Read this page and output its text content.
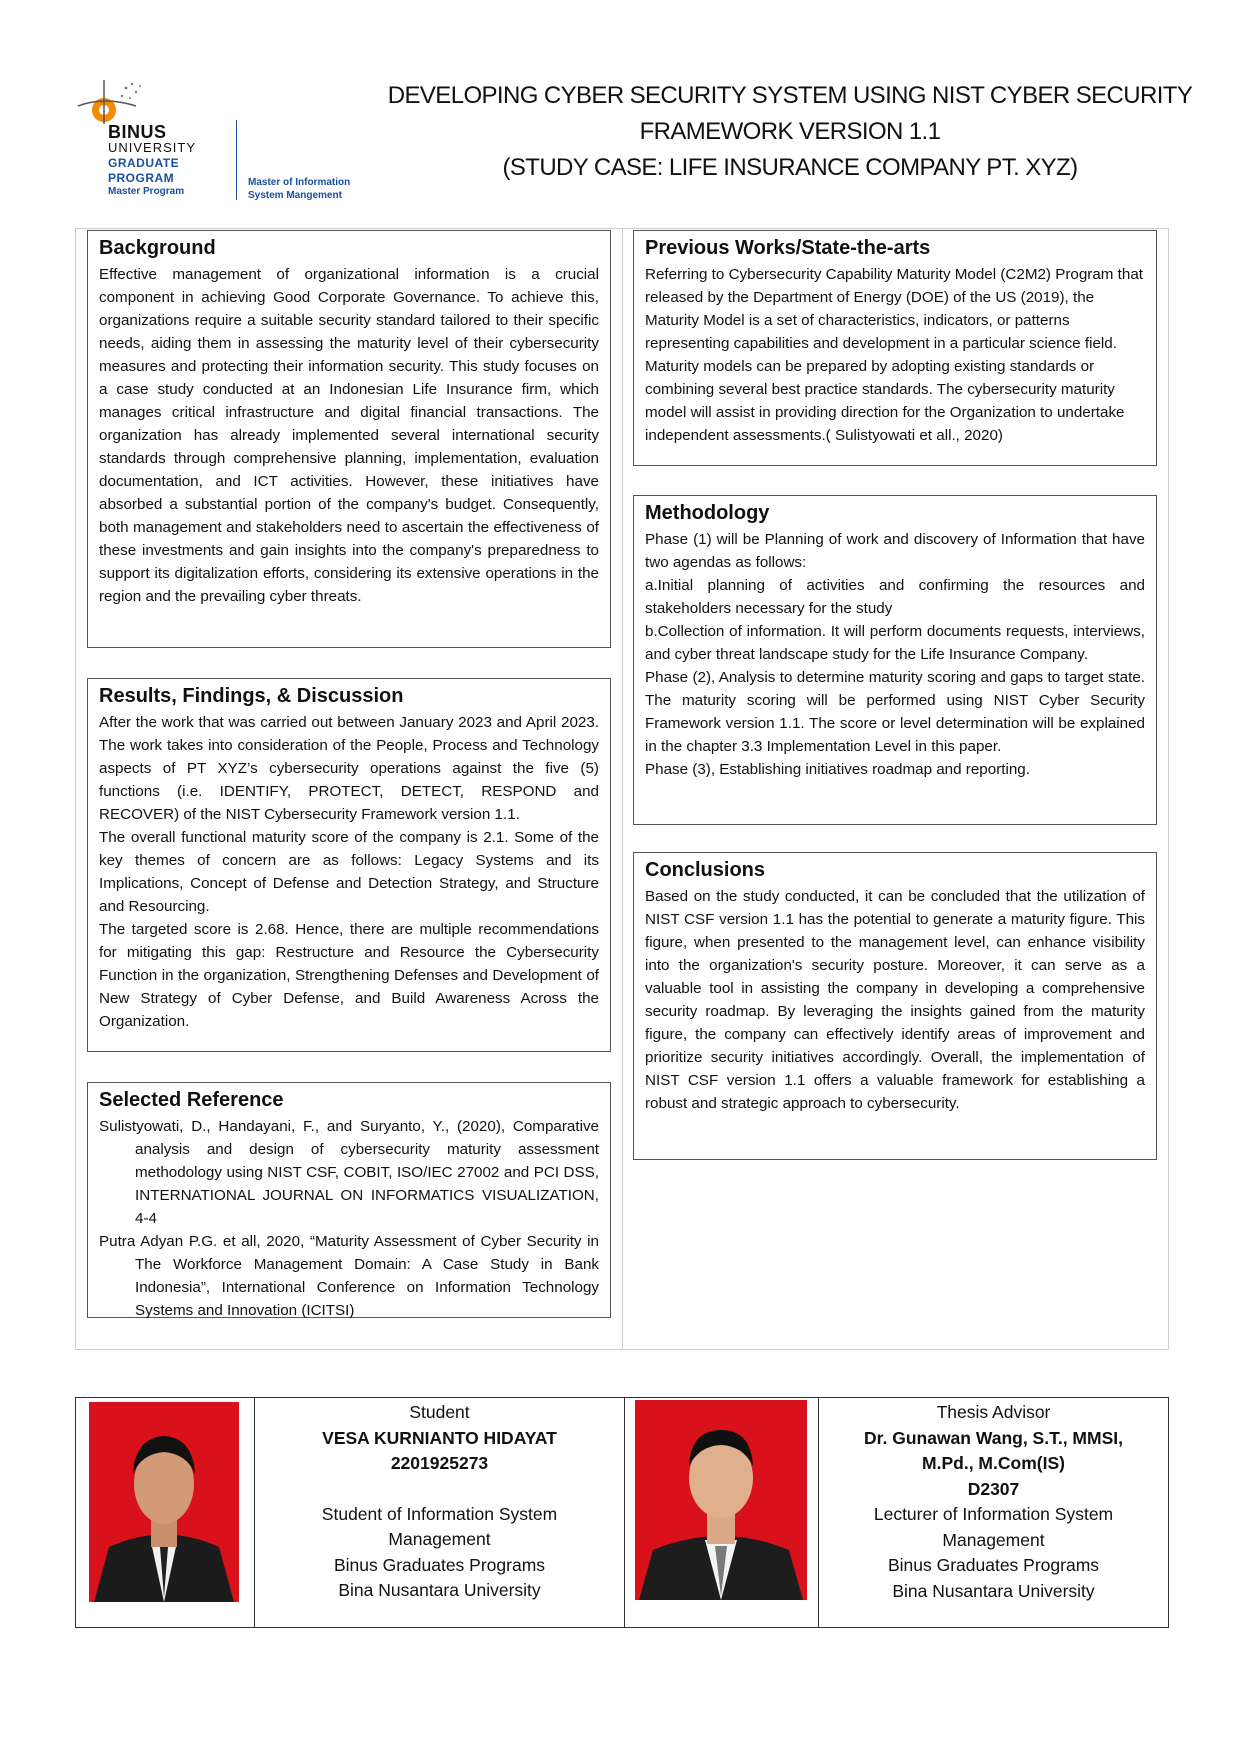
BINUS
UNIVERSITY
GRADUATE
PROGRAM
Master Program
Master of Information
System Mangement
DEVELOPING CYBER SECURITY SYSTEM USING NIST CYBER SECURITY
FRAMEWORK VERSION 1.1
(STUDY CASE: LIFE INSURANCE COMPANY PT. XYZ)
Background

Effective management of organizational information is a crucial component in achieving Good Corporate Governance. To achieve this, organizations require a suitable security standard tailored to their specific needs, aiding them in assessing the maturity level of their cybersecurity measures and protecting their information security. This study focuses on a case study conducted at an Indonesian Life Insurance firm, which manages critical infrastructure and digital financial transactions. The organization has already implemented several international security standards through comprehensive planning, implementation, evaluation documentation, and ICT activities. However, these initiatives have absorbed a substantial portion of the company's budget. Consequently, both management and stakeholders need to ascertain the effectiveness of these investments and gain insights into the company's preparedness to support its digitalization efforts, considering its extensive operations in the region and the prevailing cyber threats.

Results, Findings, & Discussion

After the work that was carried out between January 2023 and April 2023. The work takes into consideration of the People, Process and Technology aspects of PT XYZ’s cybersecurity operations against the five (5) functions (i.e. IDENTIFY, PROTECT, DETECT, RESPOND and RECOVER) of the NIST Cybersecurity Framework version 1.1.

The overall functional maturity score of the company is 2.1. Some of the key themes of concern are as follows: Legacy Systems and its Implications, Concept of Defense and Detection Strategy, and Structure and Resourcing.

The targeted score is 2.68. Hence, there are multiple recommendations for mitigating this gap: Restructure and Resource the Cybersecurity Function in the organization, Strengthening Defenses and Development of New Strategy of Cyber Defense, and Build Awareness Across the Organization.

Selected Reference

Sulistyowati, D., Handayani, F., and Suryanto, Y., (2020), Comparative analysis and design of cybersecurity maturity assessment methodology using NIST CSF, COBIT, ISO/IEC 27002 and PCI DSS, INTERNATIONAL JOURNAL ON INFORMATICS VISUALIZATION, 4-4

Putra Adyan P.G. et all, 2020, “Maturity Assessment of Cyber Security in The Workforce Management Domain: A Case Study in Bank Indonesia”, International Conference on Information Technology Systems and Innovation (ICITSI)

Previous Works/State-the-arts

Referring to Cybersecurity Capability Maturity Model (C2M2) Program that released by the Department of Energy (DOE) of the US (2019), the Maturity Model is a set of characteristics, indicators, or patterns representing capabilities and development in a particular science field. Maturity models can be prepared by adopting existing standards or combining several best practice standards. The cybersecurity maturity model will assist in providing direction for the Organization to undertake independent assessments.( Sulistyowati et all., 2020)

Methodology

Phase (1) will be Planning of work and discovery of Information that have two agendas as follows:

a.Initial planning of activities and confirming the resources and stakeholders necessary for the study

b.Collection of information. It will perform documents requests, interviews, and cyber threat landscape study for the Life Insurance Company.

Phase (2), Analysis to determine maturity scoring and gaps to target state. The maturity scoring will be performed using NIST Cyber Security Framework version 1.1. The score or level determination will be explained in the chapter 3.3 Implementation Level in this paper.

Phase (3), Establishing initiatives roadmap and reporting.

Conclusions

Based on the study conducted, it can be concluded that the utilization of NIST CSF version 1.1 has the potential to generate a maturity figure. This figure, when presented to the management level, can enhance visibility into the organization's security posture. Moreover, it can serve as a valuable tool in assisting the company in developing a comprehensive security roadmap. By leveraging the insights gained from the maturity figure, the company can effectively identify areas of improvement and prioritize security initiatives accordingly. Overall, the implementation of NIST CSF version 1.1 offers a valuable framework for establishing a robust and strategic approach to cybersecurity.

Student
VESA KURNIANTO HIDAYAT
2201925273
Student of Information System
Management
Binus Graduates Programs
Bina Nusantara University
Thesis Advisor
Dr. Gunawan Wang, S.T., MMSI,
M.Pd., M.Com(IS)
D2307
Lecturer of Information System
Management
Binus Graduates Programs
Bina Nusantara University
